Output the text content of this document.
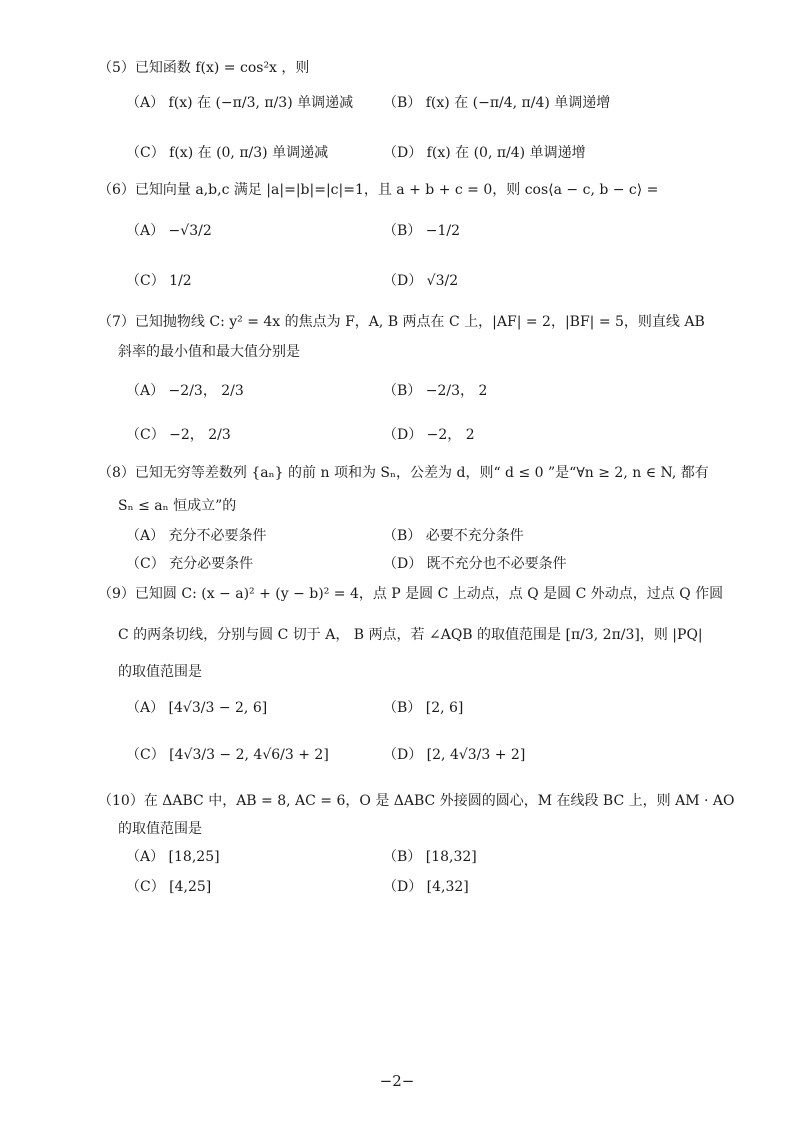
（5）已知函数 f(x) = cos²x ，则
（A） f(x) 在 (−π/3, π/3) 单调递减 （B） f(x) 在 (−π/4, π/4) 单调递增
（C） f(x) 在 (0, π/3) 单调递减	（D） f(x) 在 (0, π/4) 单调递增
（6）已知向量 a,b,c 满足 |a|=|b|=|c|=1，且 a + b + c = 0，则 cos⟨a − c, b − c⟩ =
（A） −√3/2	（B） −1/2
（C） 1/2	（D） √3/2
（7）已知抛物线 C: y² = 4x 的焦点为 F，A, B 两点在 C 上，|AF| = 2，|BF| = 5，则直线 AB
斜率的最小值和最大值分别是
（A） −2/3， 2/3	（B） −2/3， 2
（C） −2， 2/3	（D） −2， 2
（8）已知无穷等差数列 {aₙ} 的前 n 项和为 Sₙ，公差为 d，则“ d ≤ 0 ”是“∀n ≥ 2, n ∈ N, 都有
Sₙ ≤ aₙ 恒成立”的
（A） 充分不必要条件	（B） 必要不充分条件
（C） 充分必要条件	（D） 既不充分也不必要条件
（9）已知圆 C: (x − a)² + (y − b)² = 4，点 P 是圆 C 上动点，点 Q 是圆 C 外动点，过点 Q 作圆
C 的两条切线，分别与圆 C 切于 A， B 两点，若 ∠AQB 的取值范围是 [π/3, 2π/3]，则 |PQ|
的取值范围是
（A） [4√3/3 − 2, 6]	（B） [2, 6]
（C） [4√3/3 − 2, 4√6/3 + 2]	（D） [2, 4√3/3 + 2]
（10）在 ΔABC 中，AB = 8, AC = 6，O 是 ΔABC 外接圆的圆心，M 在线段 BC 上，则 AM · AO
的取值范围是
（A） [18,25]	（B） [18,32]
（C） [4,25]	（D） [4,32]
−2−
